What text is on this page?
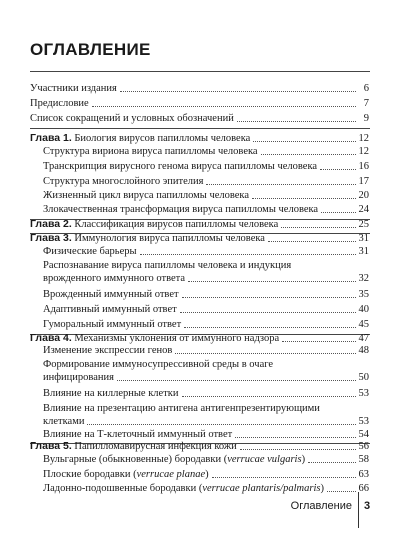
ОГЛАВЛЕНИЕ
Участники издания	6
Предисловие	7
Список сокращений и условных обозначений	9
Глава 1. Биология вирусов папилломы человека	12
Структура вириона вируса папилломы человека	12
Транскрипция вирусного генома вируса папилломы человека	16
Структура многослойного эпителия	17
Жизненный цикл вируса папилломы человека	20
Злокачественная трансформация вируса папилломы человека	24
Глава 2. Классификация вирусов папилломы человека	25
Глава 3. Иммунология вируса папилломы человека	31
Физические барьеры	31
Распознавание вируса папилломы человека и индукция
врожденного иммунного ответа	32
Врожденный иммунный ответ	35
Адаптивный иммунный ответ	40
Гуморальный иммунный ответ	45
Глава 4. Механизмы уклонения от иммунного надзора	47
Изменение экспрессии генов	48
Формирование иммуносупрессивной среды в очаге
инфицирования	50
Влияние на киллерные клетки	53
Влияние на презентацию антигена антигенпрезентирующими
клетками	53
Влияние на Т-клеточный иммунный ответ	54
Глава 5. Папилломавирусная инфекция кожи	56
Вульгарные (обыкновенные) бородавки (verrucae vulgaris)	58
Плоские бородавки (verrucae planae)	63
Ладонно-подошвенные бородавки (verrucae plantaris/palmaris)	66
Оглавление 3
